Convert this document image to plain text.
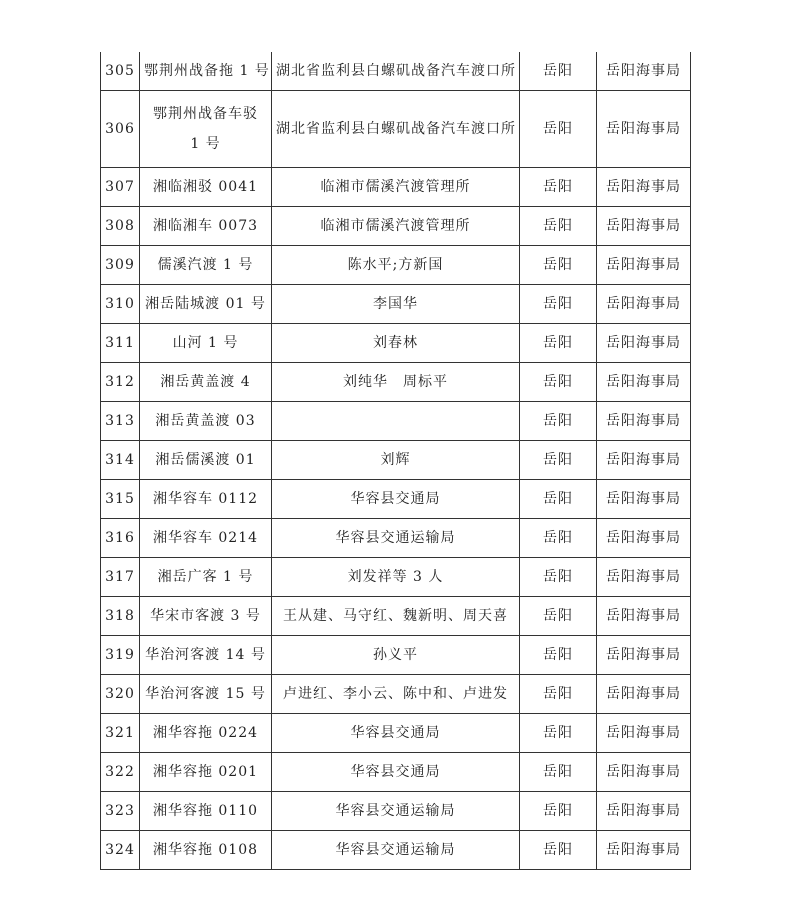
305	鄂荆州战备拖 1 号	湖北省监利县白螺矶战备汽车渡口所	岳阳	岳阳海事局
306	鄂荆州战备车驳 1 号	湖北省监利县白螺矶战备汽车渡口所	岳阳	岳阳海事局
307	湘临湘驳 0041	临湘市儒溪汽渡管理所	岳阳	岳阳海事局
308	湘临湘车 0073	临湘市儒溪汽渡管理所	岳阳	岳阳海事局
309	儒溪汽渡 1 号	陈水平;方新国	岳阳	岳阳海事局
310	湘岳陆城渡 01 号	李国华	岳阳	岳阳海事局
311	山河 1 号	刘春林	岳阳	岳阳海事局
312	湘岳黄盖渡 4	刘纯华　周标平	岳阳	岳阳海事局
313	湘岳黄盖渡 03		岳阳	岳阳海事局
314	湘岳儒溪渡 01	刘辉	岳阳	岳阳海事局
315	湘华容车 0112	华容县交通局	岳阳	岳阳海事局
316	湘华容车 0214	华容县交通运输局	岳阳	岳阳海事局
317	湘岳广客 1 号	刘发祥等 3 人	岳阳	岳阳海事局
318	华宋市客渡 3 号	王从建、马守红、魏新明、周天喜	岳阳	岳阳海事局
319	华治河客渡 14 号	孙义平	岳阳	岳阳海事局
320	华治河客渡 15 号	卢进红、李小云、陈中和、卢进发	岳阳	岳阳海事局
321	湘华容拖 0224	华容县交通局	岳阳	岳阳海事局
322	湘华容拖 0201	华容县交通局	岳阳	岳阳海事局
323	湘华容拖 0110	华容县交通运输局	岳阳	岳阳海事局
324	湘华容拖 0108	华容县交通运输局	岳阳	岳阳海事局
